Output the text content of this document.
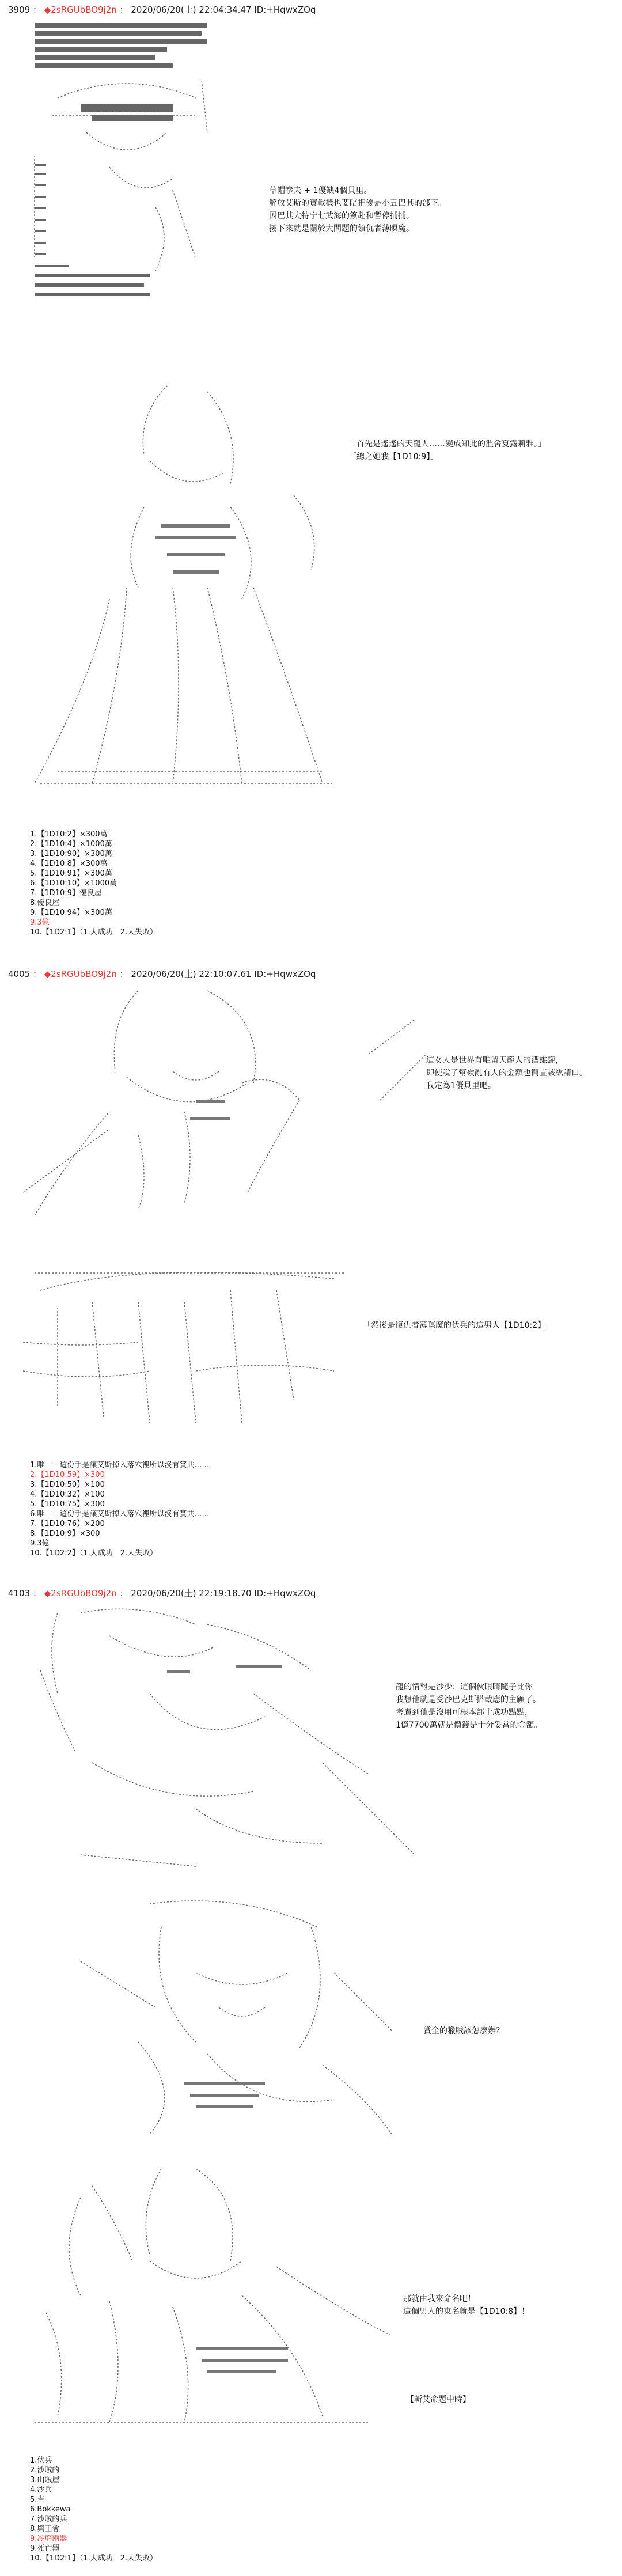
3909 ： ◆2sRGUbBO9j2n ： 2020/06/20(土) 22:04:34.47 ID:+HqwxZOq
草帽拳夫 + 1優缺4個貝里。
解放艾斯的實戰機也要暗把優是小丑巴其的部下。
因巴其大特宁七武海的簽赴和暫停捕捕。
接下來就是關於大問題的領仇者薄暝魔。
「首先是遙遙的天龍人……變成知此的溫舍夏露莉雅。」
「總之她我【1D10:9】」
1.【1D10:2】×300萬
2.【1D10:4】×1000萬
3.【1D10:90】×300萬
4.【1D10:8】×300萬
5.【1D10:91】×300萬
6.【1D10:10】×1000萬
7.【1D10:9】優良屋
8.優良屋
9.【1D10:94】×300萬
9.3億
10.【1D2:1】（1.大成功　2.大失敗）
4005 ： ◆2sRGUbBO9j2n ： 2020/06/20(土) 22:10:07.61 ID:+HqwxZOq
這女人是世界有唯留天龍人的酒雄罐，
即使說了幫嶺亂有人的金額也簡直該紘請口。
我定為1優貝里吧。
「然後是復仇者薄暝魔的伏兵的這男人【1D10:2】」
1.唯——這份手是讓艾斯掉入落穴裡所以沒有賞共……
2.【1D10:59】×300
3.【1D10:50】×100
4.【1D10:32】×100
5.【1D10:75】×300
6.唯——這份手是讓艾斯掉入落穴裡所以沒有賞共……
7.【1D10:76】×200
8.【1D10:9】×300
9.3億
10.【1D2:2】（1.大成功　2.大失敗）
4103 ： ◆2sRGUbBO9j2n ： 2020/06/20(土) 22:19:18.70 ID:+HqwxZOq
龍的情報是沙少：這個伙眼睛隨子比你
我想他就是受沙巴克斯搭載應的主顧了。
考慮到他是沒用可根本部士成功點點，
1億7700萬就是價錢是十分妥當的金額。
賞金的獵賊該怎麼辦？
那就由我來命名吧！
這個男人的東名就是【1D10:8】！
【斬艾命題中時】
1.伏兵
2.沙賊的
3.山賊屋
4.沙兵
5.吉
6.Bokkewa
7.沙賊的兵
8.與王會
9.冷庭兩器
9.死亡器
10.【1D2:1】（1.大成功　2.大失敗）
